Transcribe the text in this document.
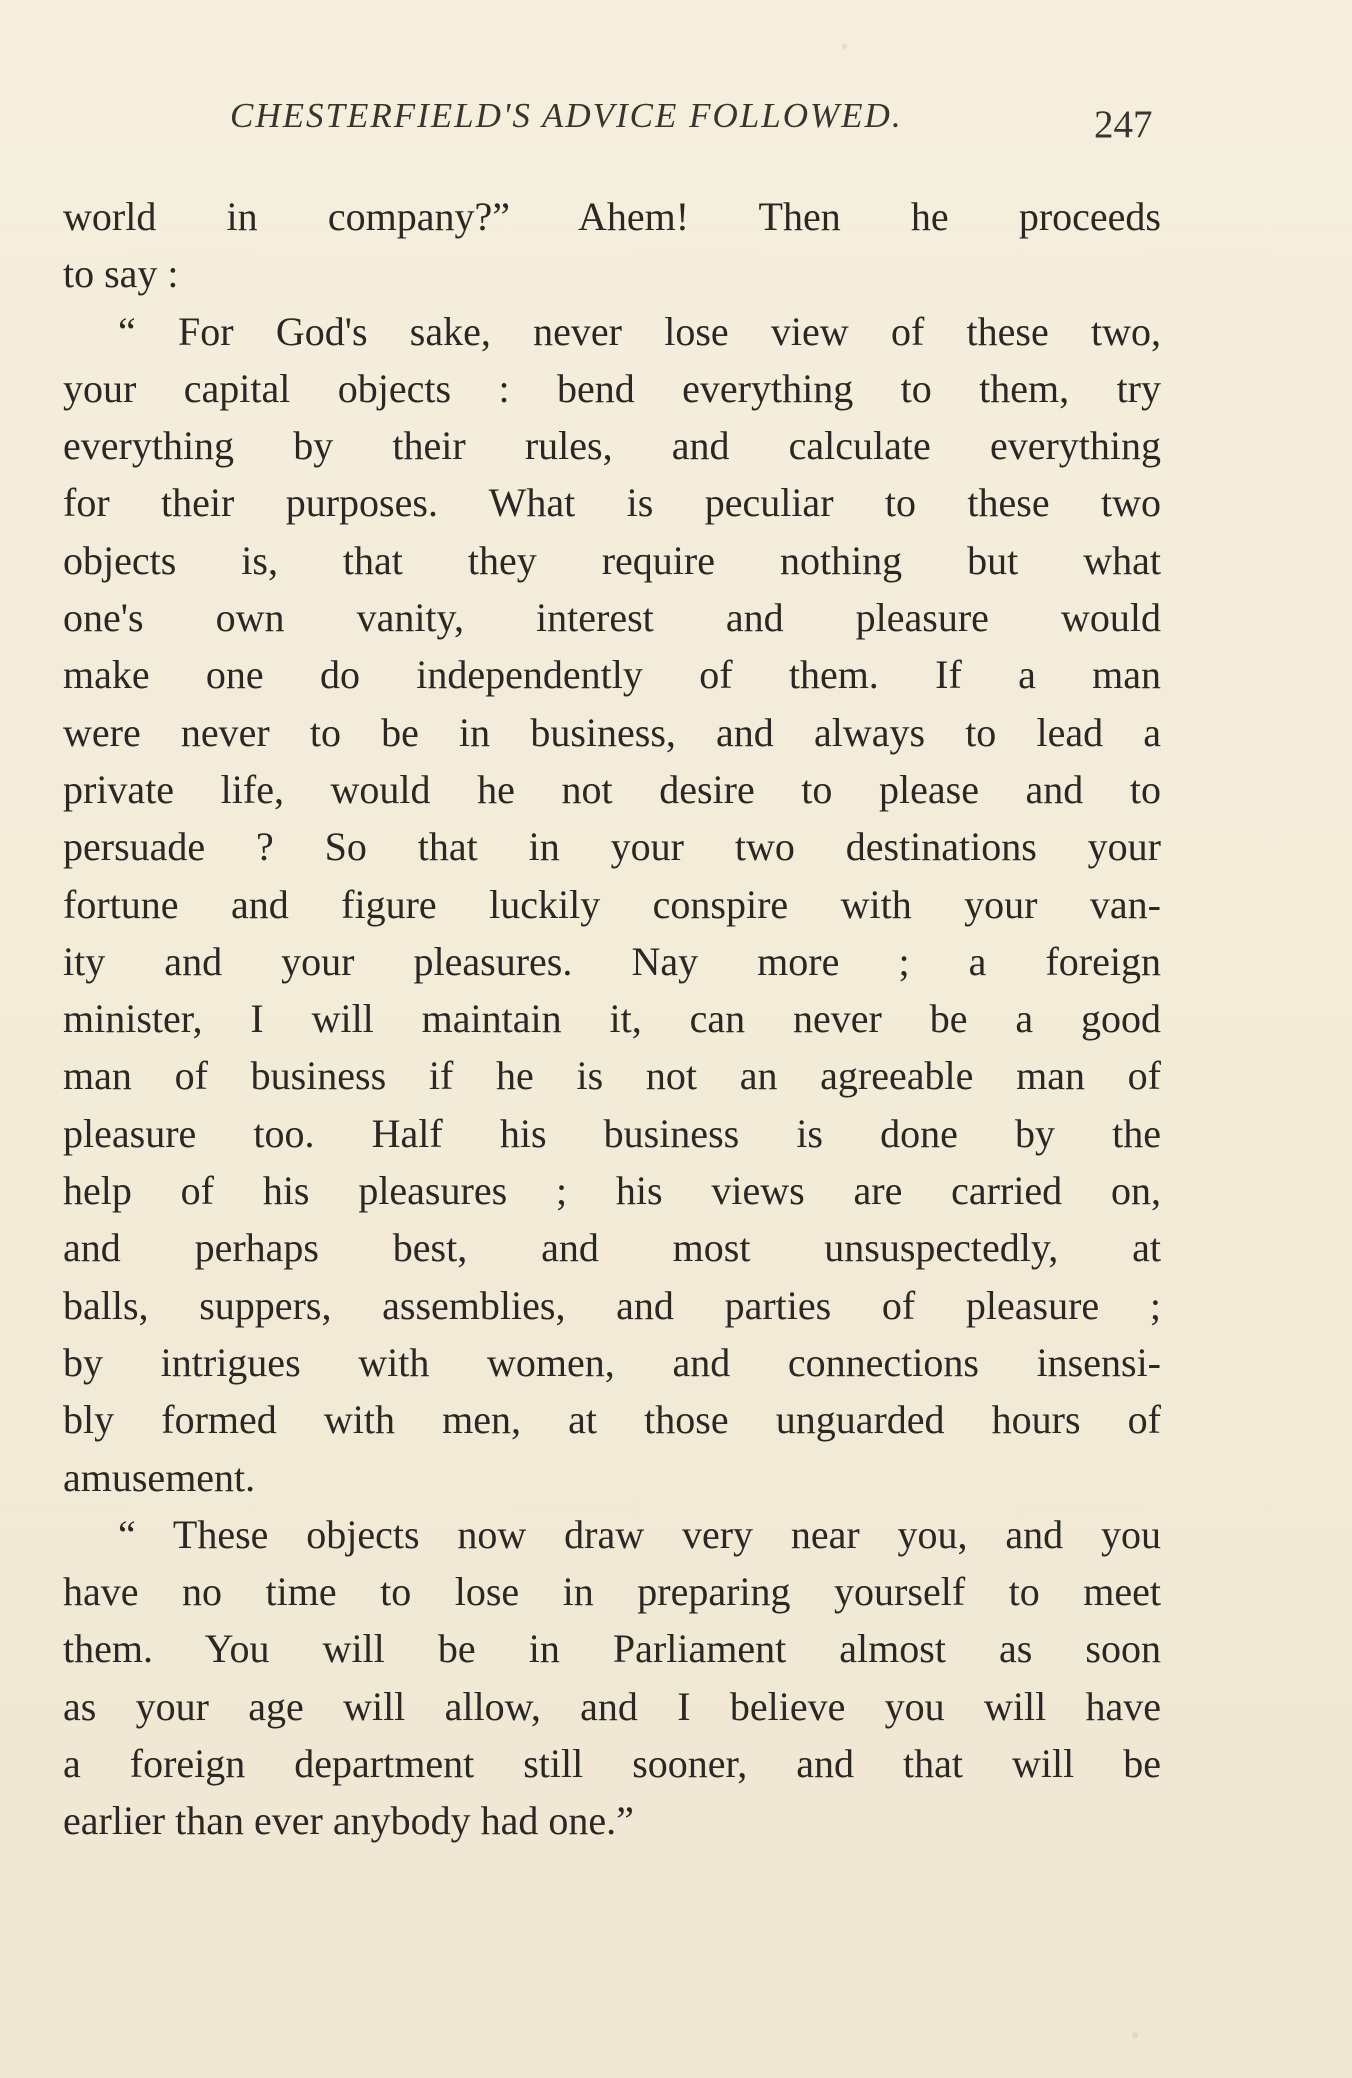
CHESTERFIELD'S ADVICE FOLLOWED.	247
world in company?” Ahem! Then he proceeds
to say :
“ For God's sake, never lose view of these two,
your capital objects : bend everything to them, try
everything by their rules, and calculate everything
for their purposes. What is peculiar to these two
objects is, that they require nothing but what
one's own vanity, interest and pleasure would
make one do independently of them. If a man
were never to be in business, and always to lead a
private life, would he not desire to please and to
persuade ? So that in your two destinations your
fortune and figure luckily conspire with your van-
ity and your pleasures. Nay more ; a foreign
minister, I will maintain it, can never be a good
man of business if he is not an agreeable man of
pleasure too. Half his business is done by the
help of his pleasures ; his views are carried on,
and perhaps best, and most unsuspectedly, at
balls, suppers, assemblies, and parties of pleasure ;
by intrigues with women, and connections insensi-
bly formed with men, at those unguarded hours of
amusement.
“ These objects now draw very near you, and you
have no time to lose in preparing yourself to meet
them. You will be in Parliament almost as soon
as your age will allow, and I believe you will have
a foreign department still sooner, and that will be
earlier than ever anybody had one.”
